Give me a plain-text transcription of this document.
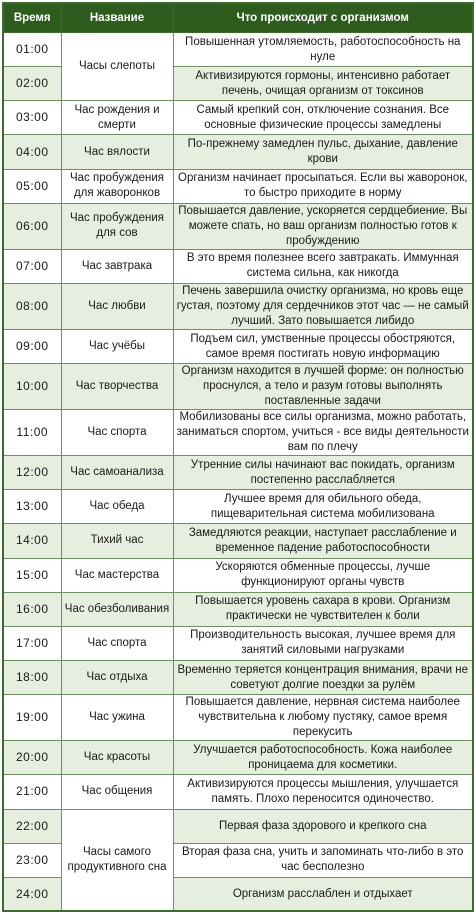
Время	Название	Что происходит с организмом
01:00	Часы слепоты	Повышенная утомляемость, работоспособность на нуле
02:00		Активизируются гормоны, интенсивно работает печень, очищая организм от токсинов
03:00	Час рождения и смерти	Самый крепкий сон, отключение сознания. Все основные физические процессы замедлены
04:00	Час вялости	По-прежнему замедлен пульс, дыхание, давление крови
05:00	Час пробуждения для жаворонков	Организм начинает просыпаться. Если вы жаворонок, то быстро приходите в норму
06:00	Час пробуждения для сов	Повышается давление, ускоряется сердцебиение. Вы можете спать, но ваш организм полностью готов к пробуждению
07:00	Час завтрака	В это время полезнее всего завтракать. Иммунная система сильна, как никогда
08:00	Час любви	Печень завершила очистку организма, но кровь еще густая, поэтому для сердечников этот час — не самый лучший. Зато повышается либидо
09:00	Час учёбы	Подъем сил, умственные процессы обостряются, самое время постигать новую информацию
10:00	Час творчества	Организм находится в лучшей форме: он полностью проснулся, а тело и разум готовы выполнять поставленные задачи
11:00	Час спорта	Мобилизованы все силы организма, можно работать, заниматься спортом, учиться - все виды деятельности вам по плечу
12:00	Час самоанализа	Утренние силы начинают вас покидать, организм постепенно расслабляется
13:00	Час обеда	Лучшее время для обильного обеда, пищеварительная система мобилизована
14:00	Тихий час	Замедляются реакции, наступает расслабление и временное падение работоспособности
15:00	Час мастерства	Ускоряются обменные процессы, лучше функционируют органы чувств
16:00	Час обезболивания	Повышается уровень сахара в крови. Организм практически не чувствителен к боли
17:00	Час спорта	Производительность высокая, лучшее время для занятий силовыми нагрузками
18:00	Час отдыха	Временно теряется концентрация внимания, врачи не советуют долгие поездки за рулём
19:00	Час ужина	Повышается давление, нервная система наиболее чувствительна к любому пустяку, самое время перекусить
20:00	Час красоты	Улучшается работоспособность. Кожа наиболее проницаема для косметики.
21:00	Час общения	Активизируются процессы мышления, улучшается память. Плохо переносится одиночество.
22:00	Часы самого продуктивного сна	Первая фаза здорового и крепкого сна
23:00		Вторая фаза сна, учить и запоминать что-либо в это час бесполезно
24:00		Организм расслаблен и отдыхает
